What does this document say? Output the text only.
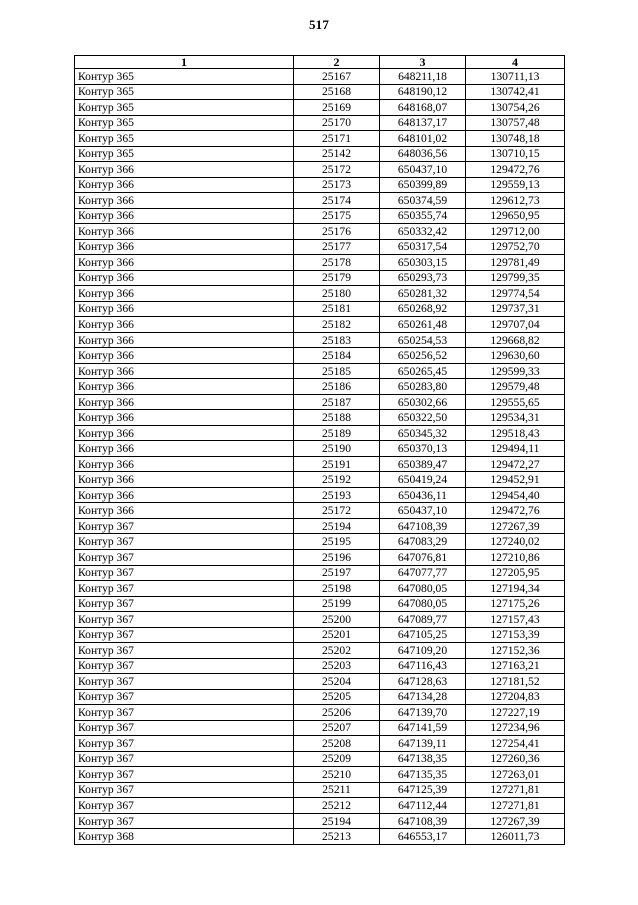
517
1	2	3	4
Контур 365	25167	648211,18	130711,13
Контур 365	25168	648190,12	130742,41
Контур 365	25169	648168,07	130754,26
Контур 365	25170	648137,17	130757,48
Контур 365	25171	648101,02	130748,18
Контур 365	25142	648036,56	130710,15
Контур 366	25172	650437,10	129472,76
Контур 366	25173	650399,89	129559,13
Контур 366	25174	650374,59	129612,73
Контур 366	25175	650355,74	129650,95
Контур 366	25176	650332,42	129712,00
Контур 366	25177	650317,54	129752,70
Контур 366	25178	650303,15	129781,49
Контур 366	25179	650293,73	129799,35
Контур 366	25180	650281,32	129774,54
Контур 366	25181	650268,92	129737,31
Контур 366	25182	650261,48	129707,04
Контур 366	25183	650254,53	129668,82
Контур 366	25184	650256,52	129630,60
Контур 366	25185	650265,45	129599,33
Контур 366	25186	650283,80	129579,48
Контур 366	25187	650302,66	129555,65
Контур 366	25188	650322,50	129534,31
Контур 366	25189	650345,32	129518,43
Контур 366	25190	650370,13	129494,11
Контур 366	25191	650389,47	129472,27
Контур 366	25192	650419,24	129452,91
Контур 366	25193	650436,11	129454,40
Контур 366	25172	650437,10	129472,76
Контур 367	25194	647108,39	127267,39
Контур 367	25195	647083,29	127240,02
Контур 367	25196	647076,81	127210,86
Контур 367	25197	647077,77	127205,95
Контур 367	25198	647080,05	127194,34
Контур 367	25199	647080,05	127175,26
Контур 367	25200	647089,77	127157,43
Контур 367	25201	647105,25	127153,39
Контур 367	25202	647109,20	127152,36
Контур 367	25203	647116,43	127163,21
Контур 367	25204	647128,63	127181,52
Контур 367	25205	647134,28	127204,83
Контур 367	25206	647139,70	127227,19
Контур 367	25207	647141,59	127234,96
Контур 367	25208	647139,11	127254,41
Контур 367	25209	647138,35	127260,36
Контур 367	25210	647135,35	127263,01
Контур 367	25211	647125,39	127271,81
Контур 367	25212	647112,44	127271,81
Контур 367	25194	647108,39	127267,39
Контур 368	25213	646553,17	126011,73
